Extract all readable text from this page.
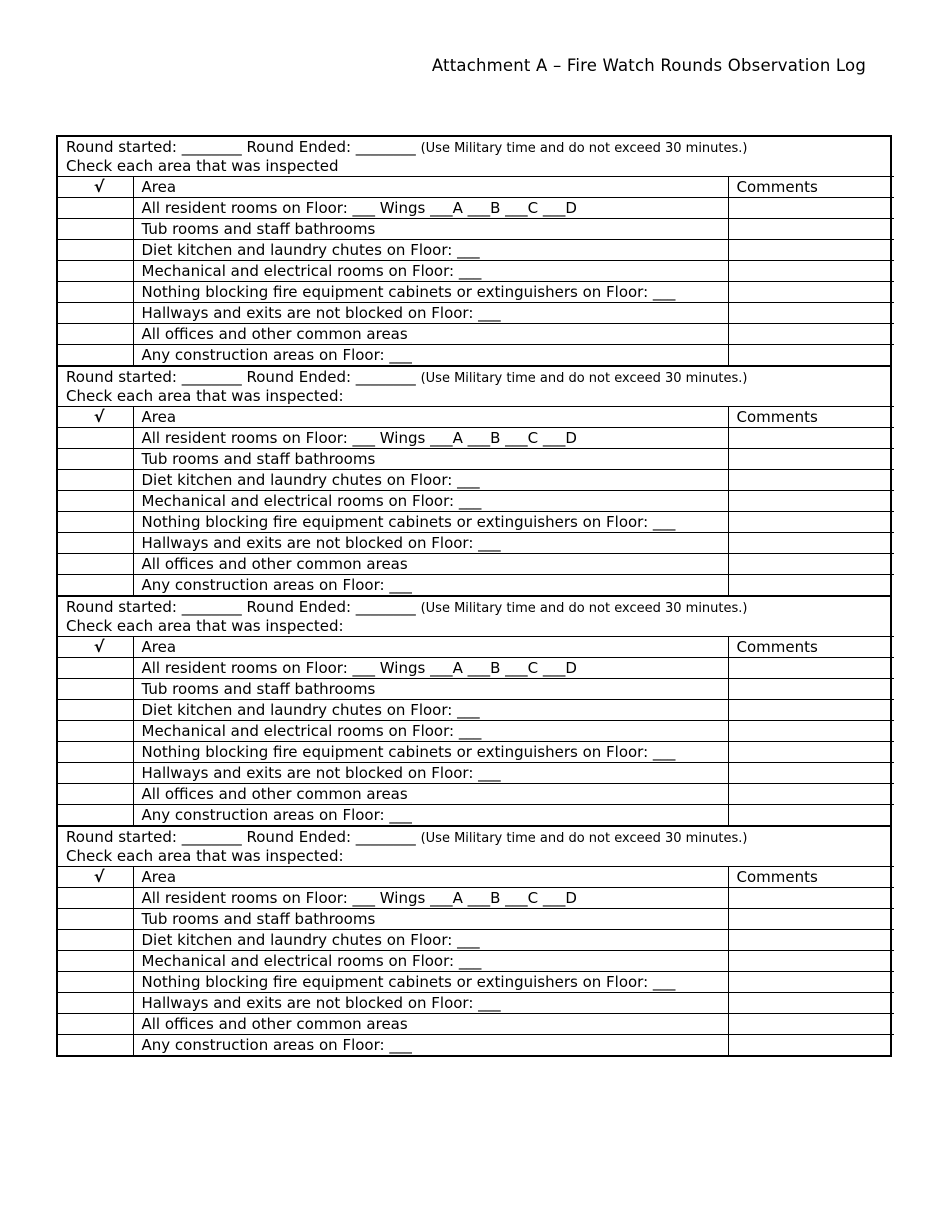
Attachment A – Fire Watch Rounds Observation Log
Round started: ________ Round Ended: ________ (Use Military time and do not exceed 30 minutes.)
Check each area that was inspected		

√	Area	Comments
	All resident rooms on Floor: ___ Wings ___A ___B ___C ___D	
	Tub rooms and staff bathrooms	
	Diet kitchen and laundry chutes on Floor: ___	
	Mechanical and electrical rooms on Floor: ___	
	Nothing blocking fire equipment cabinets or extinguishers on Floor: ___	
	Hallways and exits are not blocked on Floor: ___	
	All offices and other common areas	
	Any construction areas on Floor: ___	
Round started: ________ Round Ended: ________ (Use Military time and do not exceed 30 minutes.)
Check each area that was inspected:		

√	Area	Comments
	All resident rooms on Floor: ___ Wings ___A ___B ___C ___D	
	Tub rooms and staff bathrooms	
	Diet kitchen and laundry chutes on Floor: ___	
	Mechanical and electrical rooms on Floor: ___	
	Nothing blocking fire equipment cabinets or extinguishers on Floor: ___	
	Hallways and exits are not blocked on Floor: ___	
	All offices and other common areas	
	Any construction areas on Floor: ___	
Round started: ________ Round Ended: ________ (Use Military time and do not exceed 30 minutes.)
Check each area that was inspected:		

√	Area	Comments
	All resident rooms on Floor: ___ Wings ___A ___B ___C ___D	
	Tub rooms and staff bathrooms	
	Diet kitchen and laundry chutes on Floor: ___	
	Mechanical and electrical rooms on Floor: ___	
	Nothing blocking fire equipment cabinets or extinguishers on Floor: ___	
	Hallways and exits are not blocked on Floor: ___	
	All offices and other common areas	
	Any construction areas on Floor: ___	
Round started: ________ Round Ended: ________ (Use Military time and do not exceed 30 minutes.)
Check each area that was inspected:		

√	Area	Comments
	All resident rooms on Floor: ___ Wings ___A ___B ___C ___D	
	Tub rooms and staff bathrooms	
	Diet kitchen and laundry chutes on Floor: ___	
	Mechanical and electrical rooms on Floor: ___	
	Nothing blocking fire equipment cabinets or extinguishers on Floor: ___	
	Hallways and exits are not blocked on Floor: ___	
	All offices and other common areas	
	Any construction areas on Floor: ___	
